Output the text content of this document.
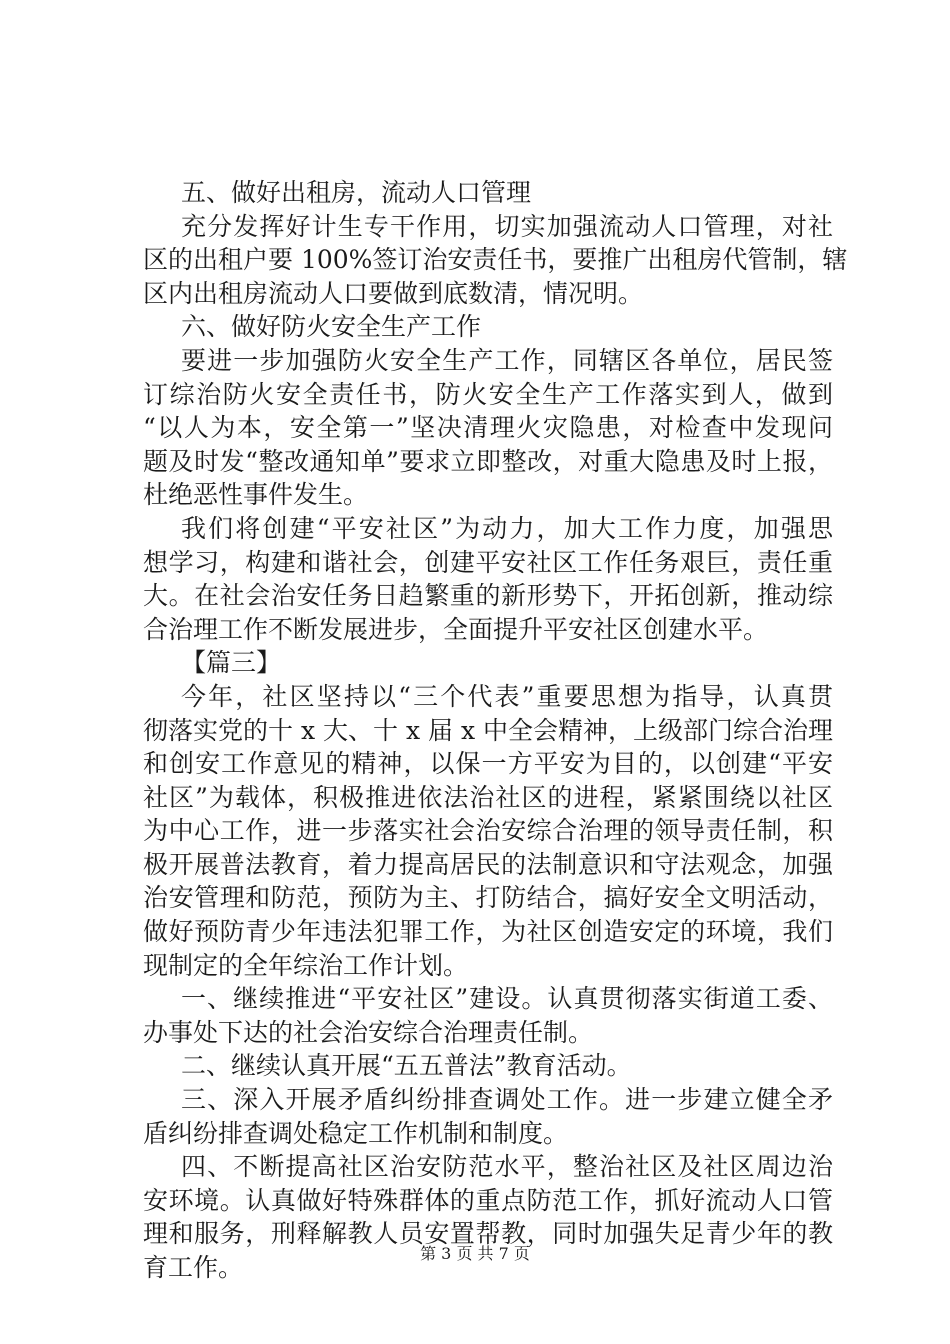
五、做好出租房，流动人口管理
充分发挥好计生专干作用，切实加强流动人口管理，对社
区的出租户要 100%签订治安责任书，要推广出租房代管制，辖
区内出租房流动人口要做到底数清，情况明。
六、做好防火安全生产工作
要进一步加强防火安全生产工作，同辖区各单位，居民签
订综治防火安全责任书，防火安全生产工作落实到人，做到
“以人为本，安全第一”坚决清理火灾隐患，对检查中发现问
题及时发“整改通知单”要求立即整改，对重大隐患及时上报，
杜绝恶性事件发生。
我们将创建“平安社区”为动力，加大工作力度，加强思
想学习，构建和谐社会，创建平安社区工作任务艰巨，责任重
大。在社会治安任务日趋繁重的新形势下，开拓创新，推动综
合治理工作不断发展进步，全面提升平安社区创建水平。
【篇三】
今年，社区坚持以“三个代表”重要思想为指导，认真贯
彻落实党的十 x 大、十 x 届 x 中全会精神，上级部门综合治理
和创安工作意见的精神，以保一方平安为目的，以创建“平安
社区”为载体，积极推进依法治社区的进程，紧紧围绕以社区
为中心工作，进一步落实社会治安综合治理的领导责任制，积
极开展普法教育，着力提高居民的法制意识和守法观念，加强
治安管理和防范，预防为主、打防结合，搞好安全文明活动，
做好预防青少年违法犯罪工作，为社区创造安定的环境，我们
现制定的全年综治工作计划。
一、继续推进“平安社区”建设。认真贯彻落实街道工委、
办事处下达的社会治安综合治理责任制。
二、继续认真开展“五五普法”教育活动。
三、深入开展矛盾纠纷排查调处工作。进一步建立健全矛
盾纠纷排查调处稳定工作机制和制度。
四、不断提高社区治安防范水平，整治社区及社区周边治
安环境。认真做好特殊群体的重点防范工作，抓好流动人口管
理和服务，刑释解教人员安置帮教，同时加强失足青少年的教
育工作。	第 3 页 共 7 页
